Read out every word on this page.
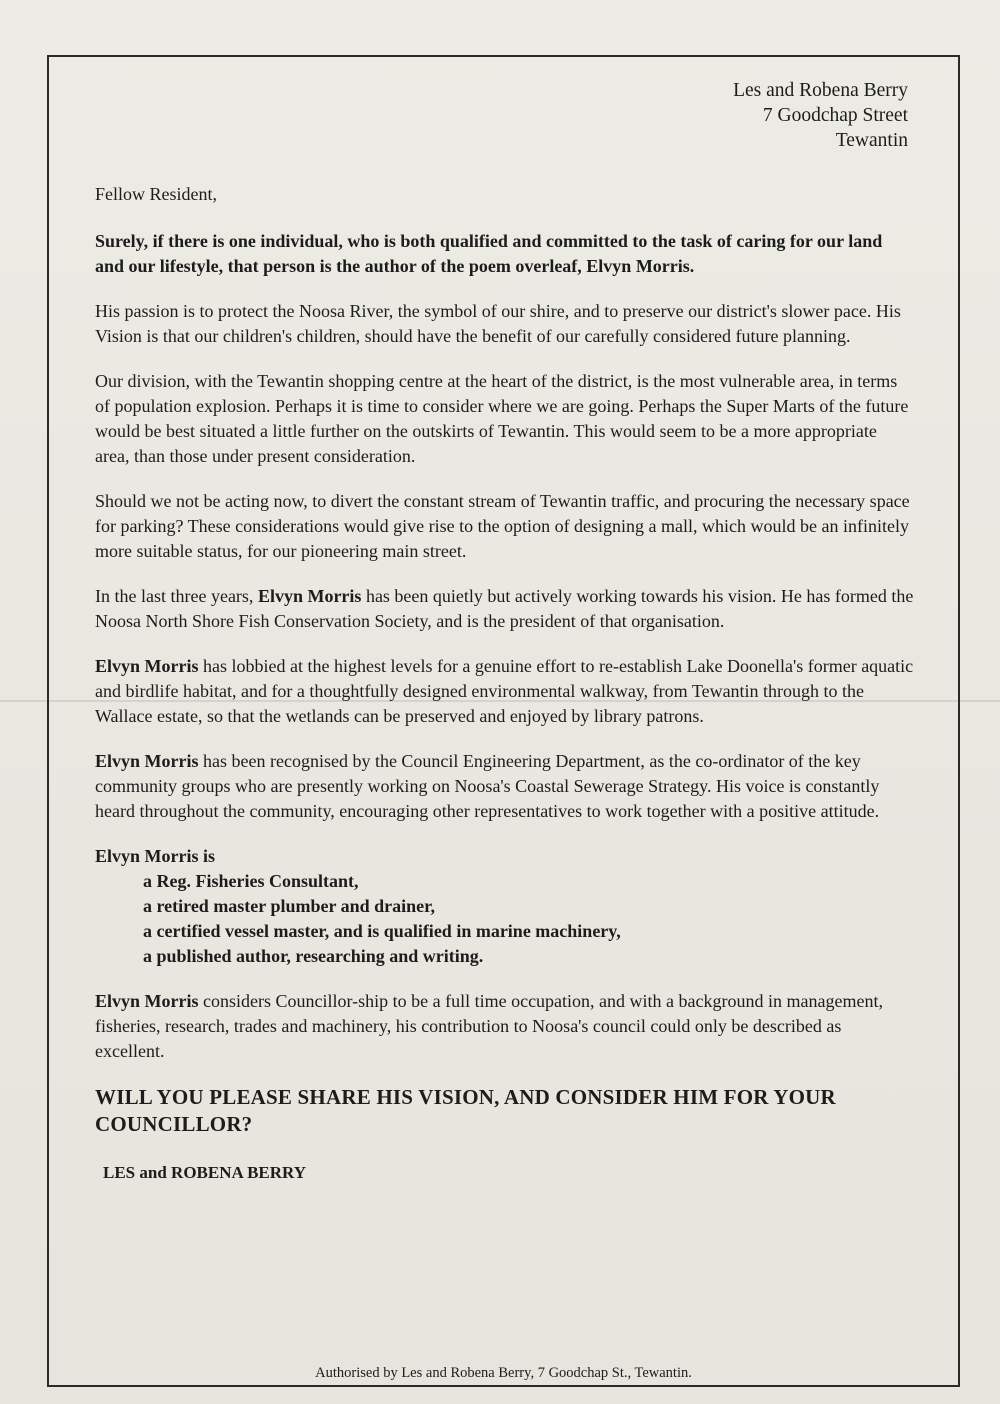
Les and Robena Berry
7 Goodchap Street
Tewantin

Fellow Resident,

Surely, if there is one individual, who is both qualified and committed to the task of caring for our land and our lifestyle, that person is the author of the poem overleaf, Elvyn Morris.

His passion is to protect the Noosa River, the symbol of our shire, and to preserve our district's slower pace. His Vision is that our children's children, should have the benefit of our carefully considered future planning.

Our division, with the Tewantin shopping centre at the heart of the district, is the most vulnerable area, in terms of population explosion. Perhaps it is time to consider where we are going. Perhaps the Super Marts of the future would be best situated a little further on the outskirts of Tewantin. This would seem to be a more appropriate area, than those under present consideration.

Should we not be acting now, to divert the constant stream of Tewantin traffic, and procuring the necessary space for parking? These considerations would give rise to the option of designing a mall, which would be an infinitely more suitable status, for our pioneering main street.

In the last three years, Elvyn Morris has been quietly but actively working towards his vision. He has formed the Noosa North Shore Fish Conservation Society, and is the president of that organisation.

Elvyn Morris has lobbied at the highest levels for a genuine effort to re-establish Lake Doonella's former aquatic and birdlife habitat, and for a thoughtfully designed environmental walkway, from Tewantin through to the Wallace estate, so that the wetlands can be preserved and enjoyed by library patrons.

Elvyn Morris has been recognised by the Council Engineering Department, as the co-ordinator of the key community groups who are presently working on Noosa's Coastal Sewerage Strategy. His voice is constantly heard throughout the community, encouraging other representatives to work together with a positive attitude.

Elvyn Morris is
a Reg. Fisheries Consultant,
a retired master plumber and drainer,
a certified vessel master, and is qualified in marine machinery,
a published author, researching and writing.

Elvyn Morris considers Councillor-ship to be a full time occupation, and with a background in management, fisheries, research, trades and machinery, his contribution to Noosa's council could only be described as excellent.

WILL YOU PLEASE SHARE HIS VISION, AND CONSIDER HIM FOR YOUR COUNCILLOR?
LES and ROBENA BERRY
Authorised by Les and Robena Berry, 7 Goodchap St., Tewantin.
